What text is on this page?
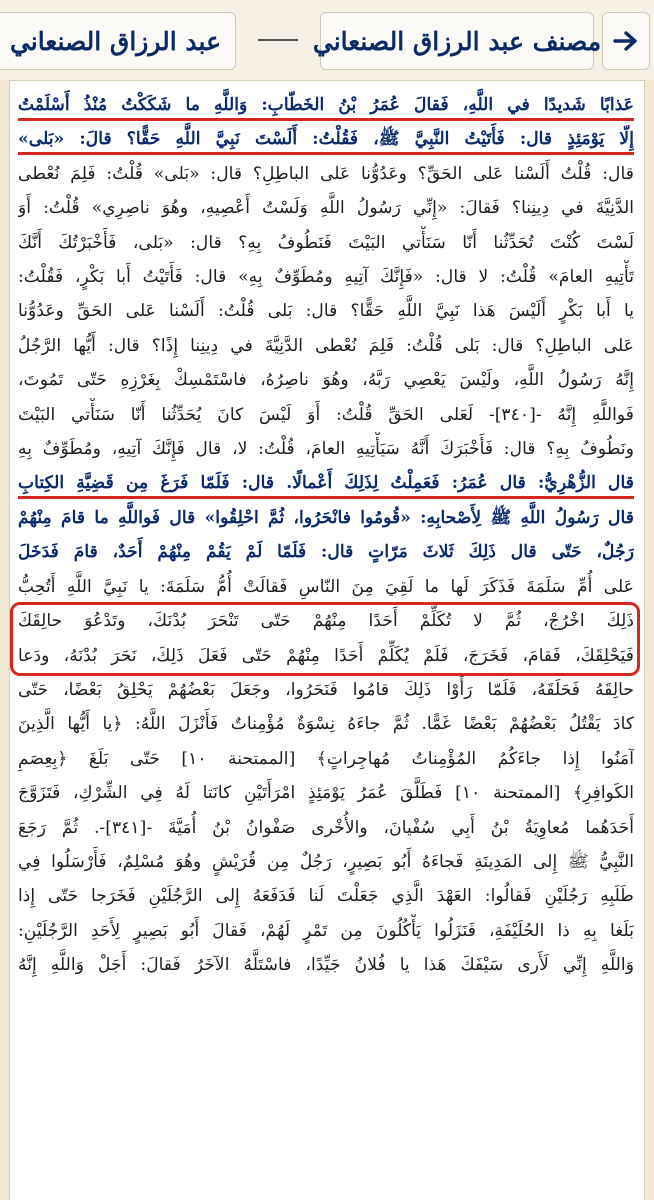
مصنف عبد الرزاق الصنعاني
عبد الرزاق الصنعاني
عَذابًا شَديدًا في اللَّهِ، فَقالَ عُمَرُ بْنُ الخَطّابِ: وَاللَّهِ ما شَكَكْتُ مُنْذُ أَسْلَمْتُ
إِلّا يَوْمَئِذٍ قال: فَأَتَيْتُ النَّبِيَّ ﷺ، فَقُلْتُ: أَلَسْتَ نَبِيَّ اللَّهِ حَقًّا؟ قالَ: «بَلى»
قال: قُلْتُ أَلَسْنا عَلى الحَقِّ؟ وعَدُوُّنا عَلى الباطِلِ؟ قال: «بَلى» قُلْتُ: فَلِمَ نُعْطى
الدَّنِيَّةَ في دِينِنا؟ فَقالَ: «إِنِّي رَسُولُ اللَّهِ وَلَسْتُ أَعْصِيهِ، وهُوَ ناصِرِي» قُلْتُ: أَوَ
لَسْتَ كُنْتَ تُحَدِّثُنا أَنّا سَنَأْتي البَيْتَ فَنَطُوفُ بِهِ؟ قال: «بَلى، فَأَخْبَرْتُكَ أَنَّكَ
تَأْتِيهِ العامَ» قُلْتُ: لا قال: «فَإِنَّكَ آتِيهِ ومُطَوِّفٌ بِهِ» قال: فَأَتَيْتُ أَبا بَكْرٍ، فَقُلْتُ:
يا أَبا بَكْرٍ أَلَيْسَ هَذا نَبِيَّ اللَّهِ حَقًّا؟ قال: بَلى قُلْتُ: أَلَسْنا عَلى الحَقِّ وعَدُوُّنا
عَلى الباطِلِ؟ قال: بَلى قُلْتُ: فَلِمَ نُعْطى الدَّنِيَّةَ في دِينِنا إِذًا؟ قال: أَيُّها الرَّجُلُ
إِنَّهُ رَسُولُ اللَّهِ، ولَيْسَ يَعْصِي رَبَّهُ، وهُوَ ناصِرُهُ، فاسْتَمْسِكْ بِغَرْزِهِ حَتّى تَمُوتَ،
فَواللَّهِ إِنَّهُ -[٣٤٠]- لَعَلى الحَقِّ قُلْتُ: أَوَ لَيْسَ كانَ يُحَدِّثُنا أَنّا سَنَأْتي البَيْتَ
ونَطُوفُ بِهِ؟ قال: فَأَخْبَرَكَ أَنَّهُ سَيَأْتِيهِ العامَ، قُلْتُ: لا، قال فَإِنَّكَ آتِيهِ، ومُطَوِّفٌ بِهِ
قال الزُّهْرِيُّ: قال عُمَرُ: فَعَمِلْتُ لِذَلِكَ أَعْمالًا. قال: فَلَمّا فَرَغَ مِن قَضِيَّةِ الكِتابِ
قال رَسُولُ اللَّهِ ﷺ لِأَصْحابِهِ: «قُومُوا فانْحَرُوا، ثُمَّ احْلِقُوا» قال فَواللَّهِ ما قامَ مِنْهُمْ
رَجُلٌ، حَتّى قال ذَلِكَ ثَلاثَ مَرّاتٍ قال: فَلَمّا لَمْ يَقُمْ مِنْهُمْ أَحَدٌ، قامَ فَدَخَلَ
عَلى أُمِّ سَلَمَةَ فَذَكَرَ لَها ما لَقِيَ مِنَ النّاسِ فَقالَتْ أُمُّ سَلَمَةَ: يا نَبِيَّ اللَّهِ أَتُحِبُّ
ذَلِكَ اخْرُجْ، ثُمَّ لا تُكَلِّمْ أَحَدًا مِنْهُمْ حَتّى تَنْحَرَ بُدْنَكَ، وتَدْعُوَ حالِقَكَ
فَيَحْلِقَكَ، فَقامَ، فَخَرَجَ، فَلَمْ يُكَلِّمْ أَحَدًا مِنْهُمْ حَتّى فَعَلَ ذَلِكَ، نَحَرَ بُدْنَهُ، ودَعا
حالِقَهُ فَحَلَقَهُ، فَلَمّا رَأَوْا ذَلِكَ قامُوا فَنَحَرُوا، وجَعَلَ بَعْضُهُمْ يَحْلِقُ بَعْضًا، حَتّى
كادَ يَقْتُلُ بَعْضُهُمْ بَعْضًا غَمًّا. ثُمَّ جاءَهُ نِسْوَةٌ مُؤْمِناتٌ فَأَنْزَلَ اللَّهُ: ﴿يا أَيُّها الَّذِينَ
آمَنُوا إِذا جاءَكُمُ المُؤْمِناتُ مُهاجِراتٍ﴾ [الممتحنة ١٠] حَتّى بَلَغَ ﴿بِعِصَمِ
الكَوافِرِ﴾ [الممتحنة ١٠] فَطَلَّقَ عُمَرُ يَوْمَئِذٍ امْرَأَتَيْنِ كانَتا لَهُ فِي الشِّرْكِ، فَتَزَوَّجَ
أَحَدَهُما مُعاوِيَةُ بْنُ أَبِي سُفْيانَ، والأُخْرى صَفْوانُ بْنُ أُمَيَّةَ -[٣٤١]-. ثُمَّ رَجَعَ
النَّبِيُّ ﷺ إِلى المَدِينَةِ فَجاءَهُ أَبُو بَصِيرٍ، رَجُلٌ مِن قُرَيْشٍ وهُوَ مُسْلِمٌ، فَأَرْسَلُوا فِي
طَلَبِهِ رَجُلَيْنِ فَقالُوا: العَهْدَ الَّذِي جَعَلْتَ لَنا فَدَفَعَهُ إِلى الرَّجُلَيْنِ فَخَرَجا حَتّى إِذا
بَلَغا بِهِ ذا الحُلَيْفَةِ، فَنَزَلُوا يَأْكُلُونَ مِن تَمْرٍ لَهُمْ، فَقالَ أَبُو بَصِيرٍ لِأَحَدِ الرَّجُلَيْنِ:
وَاللَّهِ إِنِّي لَأَرى سَيْفَكَ هَذا يا فُلانُ جَيِّدًا، فاسْتَلَّهُ الآخَرُ فَقالَ: أَجَلْ وَاللَّهِ إِنَّهُ
